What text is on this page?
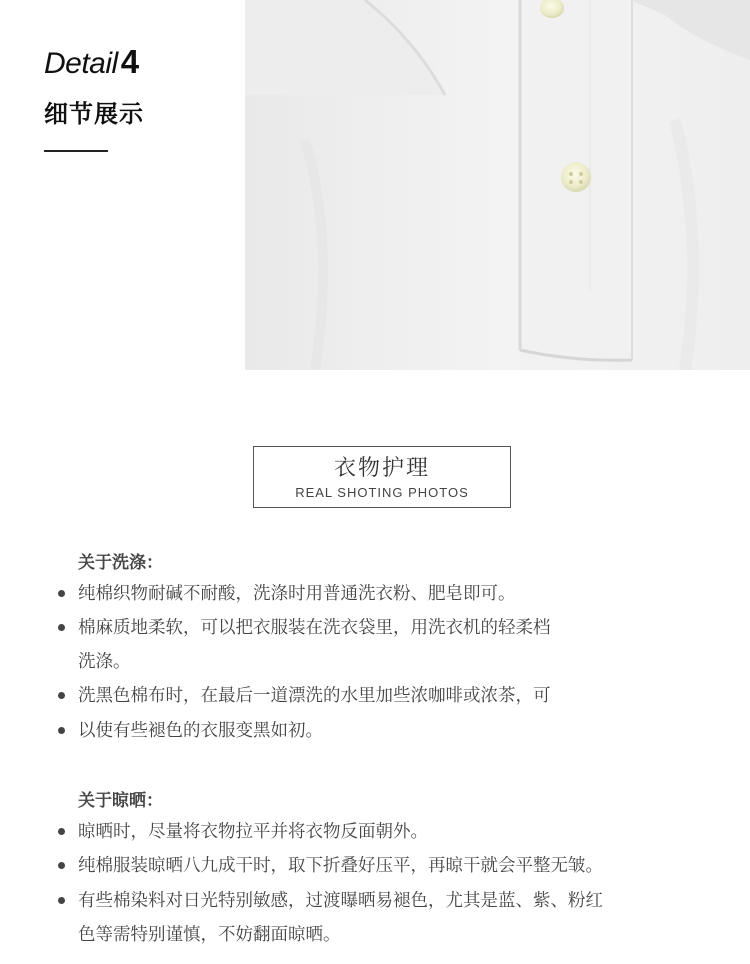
Detail4
细节展示
衣物护理
REAL SHOTING PHOTOS
关于洗涤：
纯棉织物耐碱不耐酸，洗涤时用普通洗衣粉、肥皂即可。
棉麻质地柔软，可以把衣服装在洗衣袋里，用洗衣机的轻柔档
洗涤。
洗黑色棉布时，在最后一道漂洗的水里加些浓咖啡或浓茶，可
以使有些褪色的衣服变黑如初。
关于晾晒：
晾晒时，尽量将衣物拉平并将衣物反面朝外。
纯棉服装晾晒八九成干时，取下折叠好压平，再晾干就会平整无皱。
有些棉染料对日光特别敏感，过渡曝晒易褪色，尤其是蓝、紫、粉红
色等需特别谨慎，不妨翻面晾晒。
